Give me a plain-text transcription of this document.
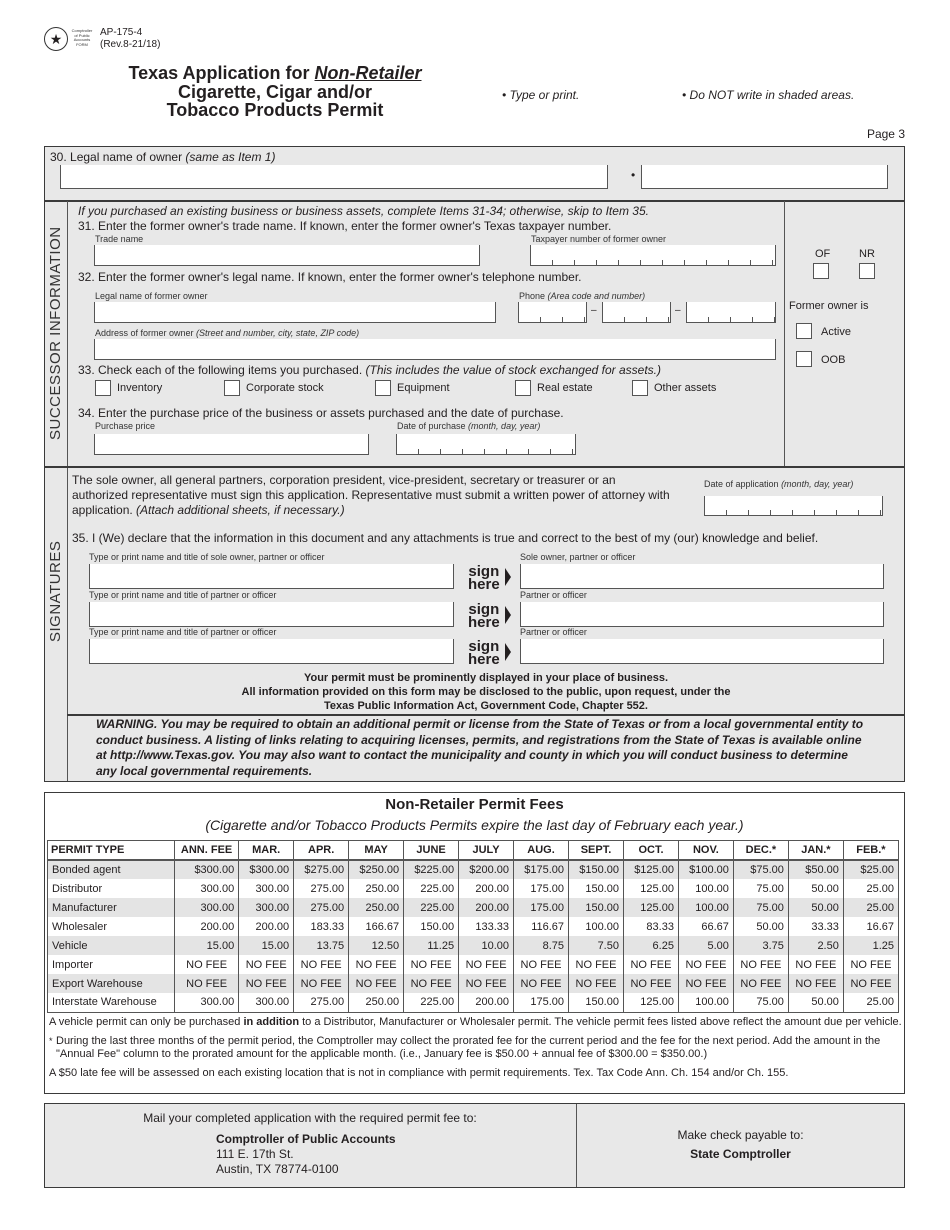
★	Comptroller
of Public
Accounts
FORM
AP-175-4
(Rev.8-21/18)
Texas Application for Non-Retailer
Cigarette, Cigar and/or
Tobacco Products Permit
• Type or print.	• Do NOT write in shaded areas.
Page 3
30. Legal name of owner (same as Item 1)
•
SUCCESSOR INFORMATION
If you purchased an existing business or business assets, complete Items 31-34; otherwise, skip to Item 35.
31. Enter the former owner's trade name. If known, enter the former owner's Texas taxpayer number.
Trade name	Taxpayer number of former owner
32. Enter the former owner's legal name. If known, enter the former owner's telephone number.
Legal name of former owner	Phone (Area code and number)
–	–
Address of former owner (Street and number, city, state, ZIP code)
33. Check each of the following items you purchased. (This includes the value of stock exchanged for assets.)
Inventory	Corporate stock	Equipment	Real estate	Other assets
34. Enter the purchase price of the business or assets purchased and the date of purchase.
Purchase price	Date of purchase (month, day, year)
OF	NR
Former owner is
Active
OOB
SIGNATURES
The sole owner, all general partners, corporation president, vice-president, secretary or treasurer or an authorized representative must sign this application. Representative must submit a written power of attorney with application. (Attach additional sheets, if necessary.)
Date of application (month, day, year)
35. I (We) declare that the information in this document and any attachments is true and correct to the best of my (our) knowledge and belief.
Type or print name and title of sole owner, partner or officer
sign
here
Sole owner, partner or officer
Type or print name and title of partner or officer
sign
here
Partner or officer
Type or print name and title of partner or officer
sign
here
Partner or officer
Your permit must be prominently displayed in your place of business.
All information provided on this form may be disclosed to the public, upon request, under the
Texas Public Information Act, Government Code, Chapter 552.
WARNING. You may be required to obtain an additional permit or license from the State of Texas or from a local governmental entity to conduct business. A listing of links relating to acquiring licenses, permits, and registrations from the State of Texas is available online at http://www.Texas.gov. You may also want to contact the municipality and county in which you will conduct business to determine any local governmental requirements.
Non-Retailer Permit Fees
(Cigarette and/or Tobacco Products Permits expire the last day of February each year.)
PERMIT TYPE	ANN. FEE	MAR.	APR.	MAY	JUNE	JULY	AUG.	SEPT.	OCT.	NOV.	DEC.*	JAN.*	FEB.*
Bonded agent	$300.00	$300.00	$275.00	$250.00	$225.00	$200.00	$175.00	$150.00	$125.00	$100.00	$75.00	$50.00	$25.00
Distributor	300.00	300.00	275.00	250.00	225.00	200.00	175.00	150.00	125.00	100.00	75.00	50.00	25.00
Manufacturer	300.00	300.00	275.00	250.00	225.00	200.00	175.00	150.00	125.00	100.00	75.00	50.00	25.00
Wholesaler	200.00	200.00	183.33	166.67	150.00	133.33	116.67	100.00	83.33	66.67	50.00	33.33	16.67
Vehicle	15.00	15.00	13.75	12.50	11.25	10.00	8.75	7.50	6.25	5.00	3.75	2.50	1.25
Importer	NO FEE	NO FEE	NO FEE	NO FEE	NO FEE	NO FEE	NO FEE	NO FEE	NO FEE	NO FEE	NO FEE	NO FEE	NO FEE
Export Warehouse	NO FEE	NO FEE	NO FEE	NO FEE	NO FEE	NO FEE	NO FEE	NO FEE	NO FEE	NO FEE	NO FEE	NO FEE	NO FEE
Interstate Warehouse	300.00	300.00	275.00	250.00	225.00	200.00	175.00	150.00	125.00	100.00	75.00	50.00	25.00
A vehicle permit can only be purchased in addition to a Distributor, Manufacturer or Wholesaler permit. The vehicle permit fees listed above reflect the amount due per vehicle.
* During the last three months of the permit period, the Comptroller may collect the prorated fee for the current period and the fee for the next period. Add the amount in the "Annual Fee" column to the prorated amount for the applicable month. (i.e., January fee is $50.00 + annual fee of $300.00 = $350.00.)
A $50 late fee will be assessed on each existing location that is not in compliance with permit requirements. Tex. Tax Code Ann. Ch. 154 and/or Ch. 155.
Mail your completed application with the required permit fee to:
Comptroller of Public Accounts
111 E. 17th St.
Austin, TX 78774-0100
Make check payable to:
State Comptroller
